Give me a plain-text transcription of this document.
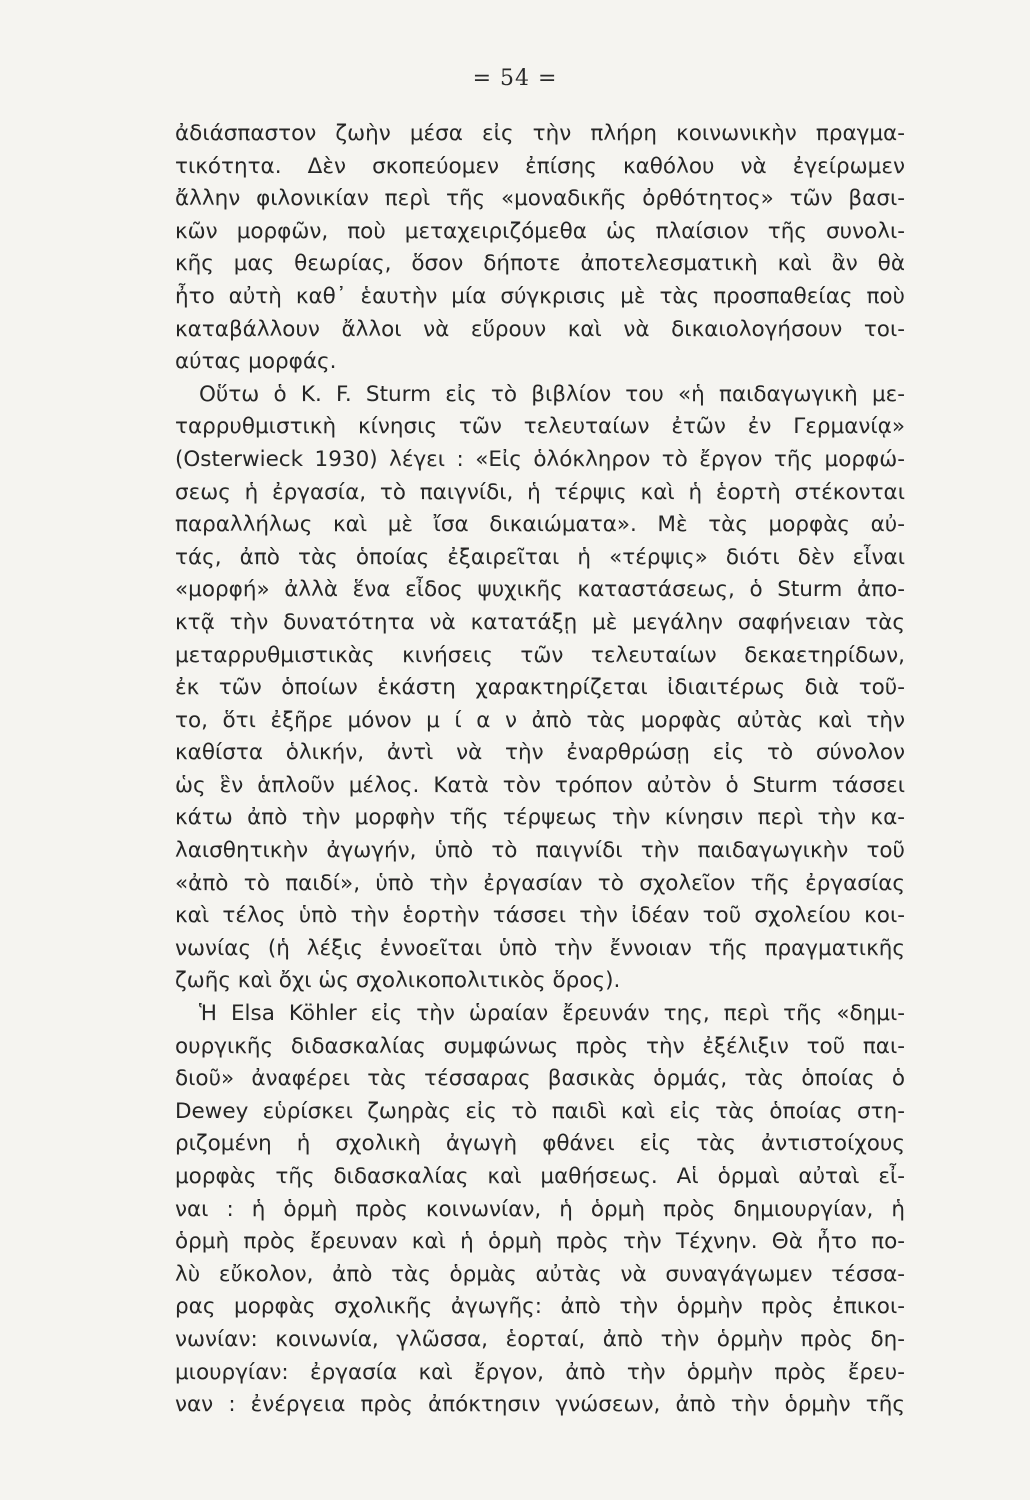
= 54 =
ἀδιάσπαστον ζωὴν μέσα εἰς τὴν πλήρη κοινωνικὴν πραγμα-
τικότητα. Δὲν σκοπεύομεν ἐπίσης καθόλου νὰ ἐγείρωμεν
ἄλλην φιλονικίαν περὶ τῆς «μοναδικῆς ὀρθότητος» τῶν βασι-
κῶν μορφῶν, ποὺ μεταχειριζόμεθα ὡς πλαίσιον τῆς συνολι-
κῆς μας θεωρίας, ὅσον δήποτε ἀποτελεσματικὴ καὶ ἂν θὰ
ἦτο αὐτὴ καθ᾽ ἑαυτὴν μία σύγκρισις μὲ τὰς προσπαθείας ποὺ
καταβάλλουν ἄλλοι νὰ εὕρουν καὶ νὰ δικαιολογήσουν τοι-
αύτας μορφάς.
Οὕτω ὁ Κ. F. Sturm εἰς τὸ βιβλίον του «ἡ παιδαγωγικὴ με-
ταρρυθμιστικὴ κίνησις τῶν τελευταίων ἐτῶν ἐν Γερμανίᾳ»
(Osterwieck 1930) λέγει : «Εἰς ὁλόκληρον τὸ ἔργον τῆς μορφώ-
σεως ἡ ἐργασία, τὸ παιγνίδι, ἡ τέρψις καὶ ἡ ἑορτὴ στέκονται
παραλλήλως καὶ μὲ ἴσα δικαιώματα». Μὲ τὰς μορφὰς αὐ-
τάς, ἀπὸ τὰς ὁποίας ἐξαιρεῖται ἡ «τέρψις» διότι δὲν εἶναι
«μορφή» ἀλλὰ ἕνα εἶδος ψυχικῆς καταστάσεως, ὁ Sturm ἀπο-
κτᾷ τὴν δυνατότητα νὰ κατατάξῃ μὲ μεγάλην σαφήνειαν τὰς
μεταρρυθμιστικὰς κινήσεις τῶν τελευταίων δεκαετηρίδων,
ἐκ τῶν ὁποίων ἑκάστη χαρακτηρίζεται ἰδιαιτέρως διὰ τοῦ-
το, ὅτι ἐξῆρε μόνον μ ί α ν ἀπὸ τὰς μορφὰς αὐτὰς καὶ τὴν
καθίστα ὁλικήν, ἀντὶ νὰ τὴν ἐναρθρώσῃ εἰς τὸ σύνολον
ὡς ἓν ἁπλοῦν μέλος. Κατὰ τὸν τρόπον αὐτὸν ὁ Sturm τάσσει
κάτω ἀπὸ τὴν μορφὴν τῆς τέρψεως τὴν κίνησιν περὶ τὴν κα-
λαισθητικὴν ἀγωγήν, ὑπὸ τὸ παιγνίδι τὴν παιδαγωγικὴν τοῦ
«ἀπὸ τὸ παιδί», ὑπὸ τὴν ἐργασίαν τὸ σχολεῖον τῆς ἐργασίας
καὶ τέλος ὑπὸ τὴν ἑορτὴν τάσσει τὴν ἰδέαν τοῦ σχολείου κοι-
νωνίας (ἡ λέξις ἐννοεῖται ὑπὸ τὴν ἔννοιαν τῆς πραγματικῆς
ζωῆς καὶ ὄχι ὡς σχολικοπολιτικὸς ὅρος).
Ἡ Elsa Köhler εἰς τὴν ὡραίαν ἔρευνάν της, περὶ τῆς «δημι-
ουργικῆς διδασκαλίας συμφώνως πρὸς τὴν ἐξέλιξιν τοῦ παι-
διοῦ» ἀναφέρει τὰς τέσσαρας βασικὰς ὁρμάς, τὰς ὁποίας ὁ
Dewey εὑρίσκει ζωηρὰς εἰς τὸ παιδὶ καὶ εἰς τὰς ὁποίας στη-
ριζομένη ἡ σχολικὴ ἀγωγὴ φθάνει εἰς τὰς ἀντιστοίχους
μορφὰς τῆς διδασκαλίας καὶ μαθήσεως. Αἱ ὁρμαὶ αὐταὶ εἶ-
ναι : ἡ ὁρμὴ πρὸς κοινωνίαν, ἡ ὁρμὴ πρὸς δημιουργίαν, ἡ
ὁρμὴ πρὸς ἔρευναν καὶ ἡ ὁρμὴ πρὸς τὴν Τέχνην. Θὰ ἦτο πο-
λὺ εὔκολον, ἀπὸ τὰς ὁρμὰς αὐτὰς νὰ συναγάγωμεν τέσσα-
ρας μορφὰς σχολικῆς ἀγωγῆς: ἀπὸ τὴν ὁρμὴν πρὸς ἐπικοι-
νωνίαν: κοινωνία, γλῶσσα, ἑορταί, ἀπὸ τὴν ὁρμὴν πρὸς δη-
μιουργίαν: ἐργασία καὶ ἔργον, ἀπὸ τὴν ὁρμὴν πρὸς ἔρευ-
ναν : ἐνέργεια πρὸς ἀπόκτησιν γνώσεων, ἀπὸ τὴν ὁρμὴν τῆς
